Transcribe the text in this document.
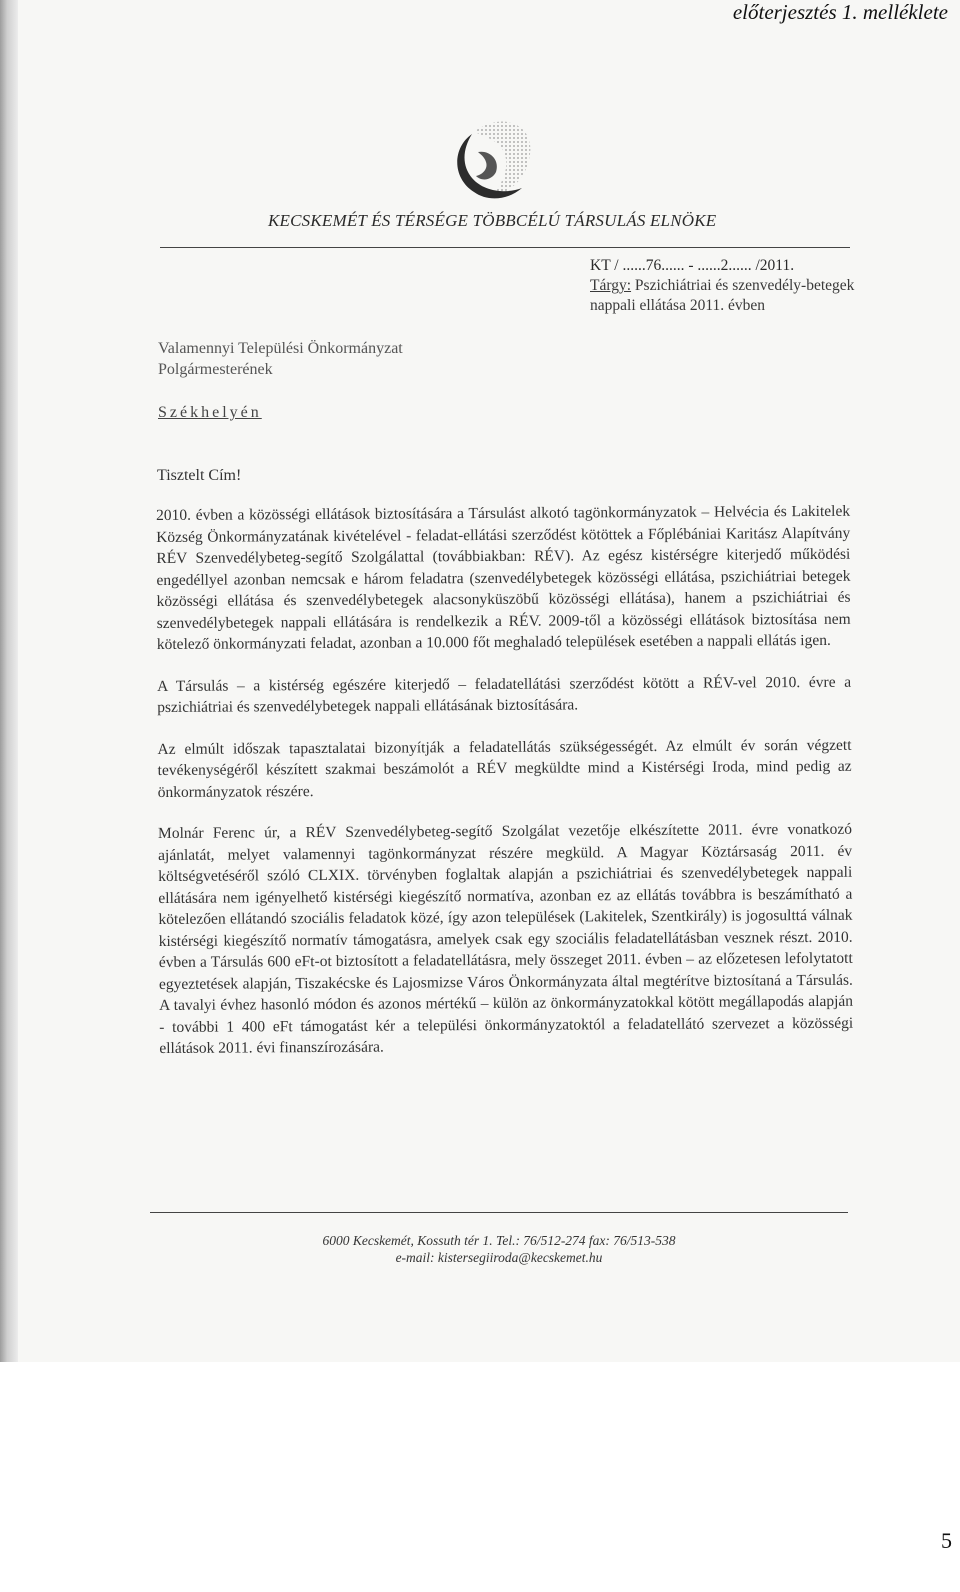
előterjesztés 1. melléklete
KECSKEMÉT ÉS TÉRSÉGE TÖBBCÉLÚ TÁRSULÁS ELNÖKE
KT / ......76...... - ......2...... /2011.
Tárgy: Pszichiátriai és szenvedély-betegek nappali ellátása 2011. évben
Valamennyi Települési Önkormányzat
Polgármesterének
Székhelyén
Tisztelt Cím!

2010. évben a közösségi ellátások biztosítására a Társulást alkotó tagönkormányzatok – Helvécia és Lakitelek Község Önkormányzatának kivételével - feladat-ellátási szerződést kötöttek a Főplébániai Karitász Alapítvány RÉV Szenvedélybeteg-segítő Szolgálattal (továbbiakban: RÉV). Az egész kistérségre kiterjedő működési engedéllyel azonban nemcsak e három feladatra (szenvedélybetegek közösségi ellátása, pszichiátriai betegek közösségi ellátása és szenvedélybetegek alacsonyküszöbű közösségi ellátása), hanem a pszichiátriai és szenvedélybetegek nappali ellátására is rendelkezik a RÉV. 2009-től a közösségi ellátások biztosítása nem kötelező önkormányzati feladat, azonban a 10.000 főt meghaladó települések esetében a nappali ellátás igen.

A Társulás – a kistérség egészére kiterjedő – feladatellátási szerződést kötött a RÉV-vel 2010. évre a pszichiátriai és szenvedélybetegek nappali ellátásának biztosítására.

Az elmúlt időszak tapasztalatai bizonyítják a feladatellátás szükségességét. Az elmúlt év során végzett tevékenységéről készített szakmai beszámolót a RÉV megküldte mind a Kistérségi Iroda, mind pedig az önkormányzatok részére.

Molnár Ferenc úr, a RÉV Szenvedélybeteg-segítő Szolgálat vezetője elkészítette 2011. évre vonatkozó ajánlatát, melyet valamennyi tagönkormányzat részére megküld. A Magyar Köztársaság 2011. év költségvetéséről szóló CLXIX. törvényben foglaltak alapján a pszichiátriai és szenvedélybetegek nappali ellátására nem igényelhető kistérségi kiegészítő normatíva, azonban ez az ellátás továbbra is beszámítható a kötelezően ellátandó szociális feladatok közé, így azon települések (Lakitelek, Szentkirály) is jogosulttá válnak kistérségi kiegészítő normatív támogatásra, amelyek csak egy szociális feladatellátásban vesznek részt. 2010. évben a Társulás 600 eFt-ot biztosított a feladatellátásra, mely összeget 2011. évben – az előzetesen lefolytatott egyeztetések alapján, Tiszakécske és Lajosmizse Város Önkormányzata által megtérítve biztosítaná a Társulás. A tavalyi évhez hasonló módon és azonos mértékű – külön az önkormányzatokkal kötött megállapodás alapján - további 1 400 eFt támogatást kér a települési önkormányzatoktól a feladatellátó szervezet a közösségi ellátások 2011. évi finanszírozására.

6000 Kecskemét, Kossuth tér 1. Tel.: 76/512-274 fax: 76/513-538
e-mail: kistersegiiroda@kecskemet.hu
5
